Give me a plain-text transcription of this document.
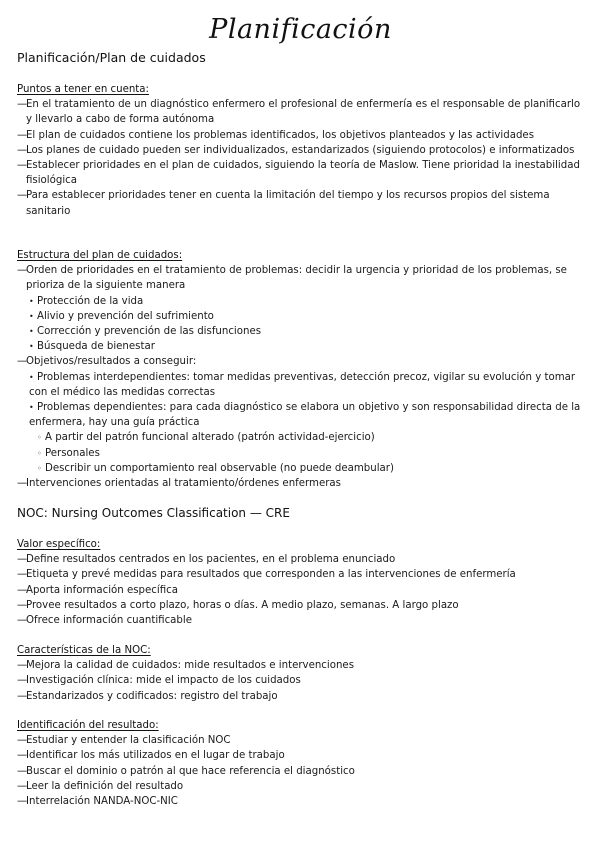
Planificación
Planificación/Plan de cuidados
Puntos a tener en cuenta:
—En el tratamiento de un diagnóstico enfermero el profesional de enfermería es el responsable de planificarlo y llevarlo a cabo de forma autónoma
—El plan de cuidados contiene los problemas identificados, los objetivos planteados y las actividades
—Los planes de cuidado pueden ser individualizados, estandarizados (siguiendo protocolos) e informatizados
—Establecer prioridades en el plan de cuidados, siguiendo la teoría de Maslow. Tiene prioridad la inestabilidad fisiológica
—Para establecer prioridades tener en cuenta la limitación del tiempo y los recursos propios del sistema sanitario
Estructura del plan de cuidados:
—Orden de prioridades en el tratamiento de problemas: decidir la urgencia y prioridad de los problemas, se prioriza de la siguiente manera
• Protección de la vida
• Alivio y prevención del sufrimiento
• Corrección y prevención de las disfunciones
• Búsqueda de bienestar
—Objetivos/resultados a conseguir:
• Problemas interdependientes: tomar medidas preventivas, detección precoz, vigilar su evolución y tomar con el médico las medidas correctas
• Problemas dependientes: para cada diagnóstico se elabora un objetivo y son responsabilidad directa de la enfermera, hay una guía práctica
◦ A partir del patrón funcional alterado (patrón actividad-ejercicio)
◦ Personales
◦ Describir un comportamiento real observable (no puede deambular)
—Intervenciones orientadas al tratamiento/órdenes enfermeras
NOC: Nursing Outcomes Classification — CRE
Valor específico:
—Define resultados centrados en los pacientes, en el problema enunciado
—Etiqueta y prevé medidas para resultados que corresponden a las intervenciones de enfermería
—Aporta información específica
—Provee resultados a corto plazo, horas o días. A medio plazo, semanas. A largo plazo
—Ofrece información cuantificable
Características de la NOC:
—Mejora la calidad de cuidados: mide resultados e intervenciones
—Investigación clínica: mide el impacto de los cuidados
—Estandarizados y codificados: registro del trabajo
Identificación del resultado:
—Estudiar y entender la clasificación NOC
—Identificar los más utilizados en el lugar de trabajo
—Buscar el dominio o patrón al que hace referencia el diagnóstico
—Leer la definición del resultado
—Interrelación NANDA-NOC-NIC
